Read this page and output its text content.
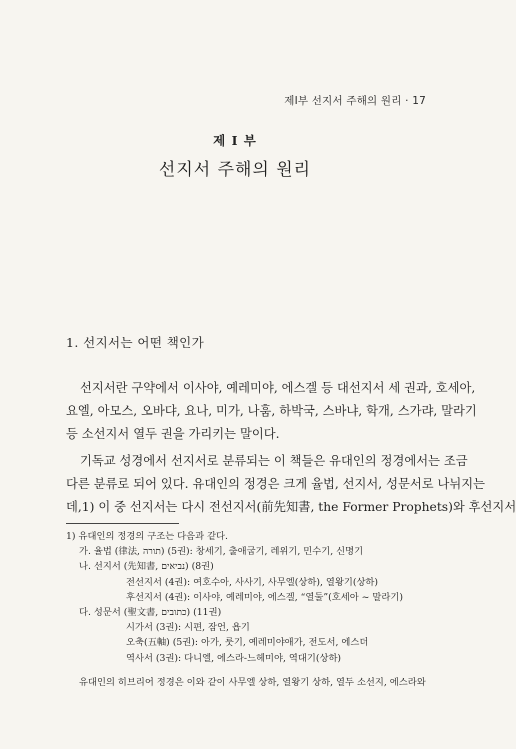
제I부 선지서 주해의 원리 · 17
제 I 부
선지서 주해의 원리
1. 선지서는 어떤 책인가
선지서란 구약에서 이사야, 예레미야, 에스겔 등 대선지서 세 권과, 호세아,
요엘, 아모스, 오바댜, 요나, 미가, 나훔, 하박국, 스바냐, 학개, 스가랴, 말라기
등 소선지서 열두 권을 가리키는 말이다.
기독교 성경에서 선지서로 분류되는 이 책들은 유대인의 정경에서는 조금
다른 분류로 되어 있다. 유대인의 정경은 크게 율법, 선지서, 성문서로 나뉘지는
데,1) 이 중 선지서는 다시 전선지서(前先知書, the Former Prophets)와 후선지서
1) 유대인의 정경의 구조는 다음과 같다.
가. 율법 (律法, תורה) (5권): 창세기, 출애굽기, 레위기, 민수기, 신명기
나. 선지서 (先知書, נביאים) (8권)
전선지서 (4권): 여호수아, 사사기, 사무엘(상하), 열왕기(상하)
후선지서 (4권): 이사야, 예레미야, 에스겔, “열둘”(호세아 ~ 말라기)
다. 성문서 (聖文書, כתובים) (11권)
시가서 (3권): 시편, 잠언, 욥기
오축(五軸) (5권): 아가, 룻기, 예레미야애가, 전도서, 에스더
역사서 (3권): 다니엘, 에스라-느헤미야, 역대기(상하)
유대인의 히브리어 정경은 이와 같이 사무엘 상하, 열왕기 상하, 열두 소선지, 에스라와
